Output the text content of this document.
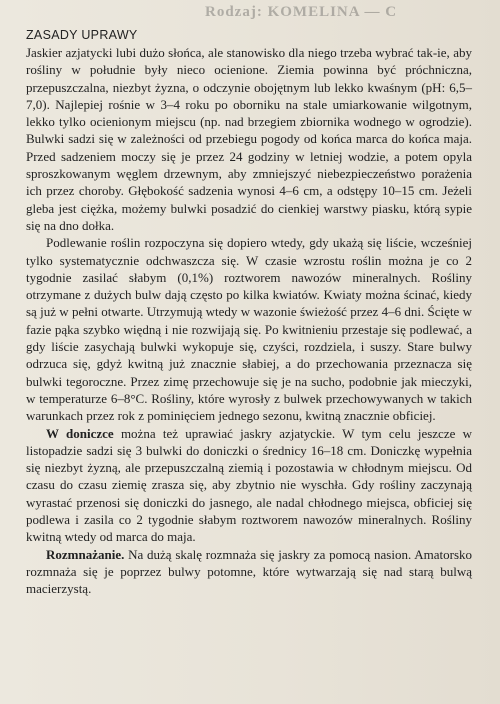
Rodzaj: KOMELINA — C
ZASADY UPRAWY

Jaskier azjatycki lubi dużo słońca, ale stanowisko dla niego trzeba wybrać tak-ie, aby rośliny w południe były nieco ocienione. Ziemia powinna być próchniczna, przepuszczalna, niezbyt żyzna, o odczynie obojętnym lub lekko kwaśnym (pH: 6,5–7,0). Najlepiej rośnie w 3–4 roku po oborniku na stale umiarkowanie wilgotnym, lekko tylko ocienionym miejscu (np. nad brzegiem zbiornika wodnego w ogrodzie). Bulwki sadzi się w zależności od przebiegu pogody od końca marca do końca maja. Przed sadzeniem moczy się je przez 24 godziny w letniej wodzie, a potem opyla sproszkowanym węglem drzewnym, aby zmniejszyć niebezpieczeństwo porażenia ich przez choroby. Głębokość sadzenia wynosi 4–6 cm, a odstępy 10–15 cm. Jeżeli gleba jest ciężka, możemy bulwki posadzić do cienkiej warstwy piasku, którą sypie się na dno dołka.

Podlewanie roślin rozpoczyna się dopiero wtedy, gdy ukażą się liście, wcześniej tylko systematycznie odchwaszcza się. W czasie wzrostu roślin można je co 2 tygodnie zasilać słabym (0,1%) roztworem nawozów mineralnych. Rośliny otrzymane z dużych bulw dają często po kilka kwiatów. Kwiaty można ścinać, kiedy są już w pełni otwarte. Utrzymują wtedy w wazonie świeżość przez 4–6 dni. Ścięte w fazie pąka szybko więdną i nie rozwijają się. Po kwitnieniu przestaje się podlewać, a gdy liście zasychają bulwki wykopuje się, czyści, rozdziela, i suszy. Stare bulwy odrzuca się, gdyż kwitną już znacznie słabiej, a do przechowania przeznacza się bulwki tegoroczne. Przez zimę przechowuje się je na sucho, podobnie jak mieczyki, w temperaturze 6–8°C. Rośliny, które wyrosły z bulwek przechowywanych w takich warunkach przez rok z pominięciem jednego sezonu, kwitną znacznie obficiej.

W doniczce można też uprawiać jaskry azjatyckie. W tym celu jeszcze w listopadzie sadzi się 3 bulwki do doniczki o średnicy 16–18 cm. Doniczkę wypełnia się niezbyt żyzną, ale przepuszczalną ziemią i pozostawia w chłodnym miejscu. Od czasu do czasu ziemię zrasza się, aby zbytnio nie wyschła. Gdy rośliny zaczynają wyrastać przenosi się doniczki do jasnego, ale nadal chłodnego miejsca, obficiej się podlewa i zasila co 2 tygodnie słabym roztworem nawozów mineralnych. Rośliny kwitną wtedy od marca do maja.

Rozmnażanie. Na dużą skalę rozmnaża się jaskry za pomocą nasion. Amatorsko rozmnaża się je poprzez bulwy potomne, które wytwarzają się nad starą bulwą macierzystą.
